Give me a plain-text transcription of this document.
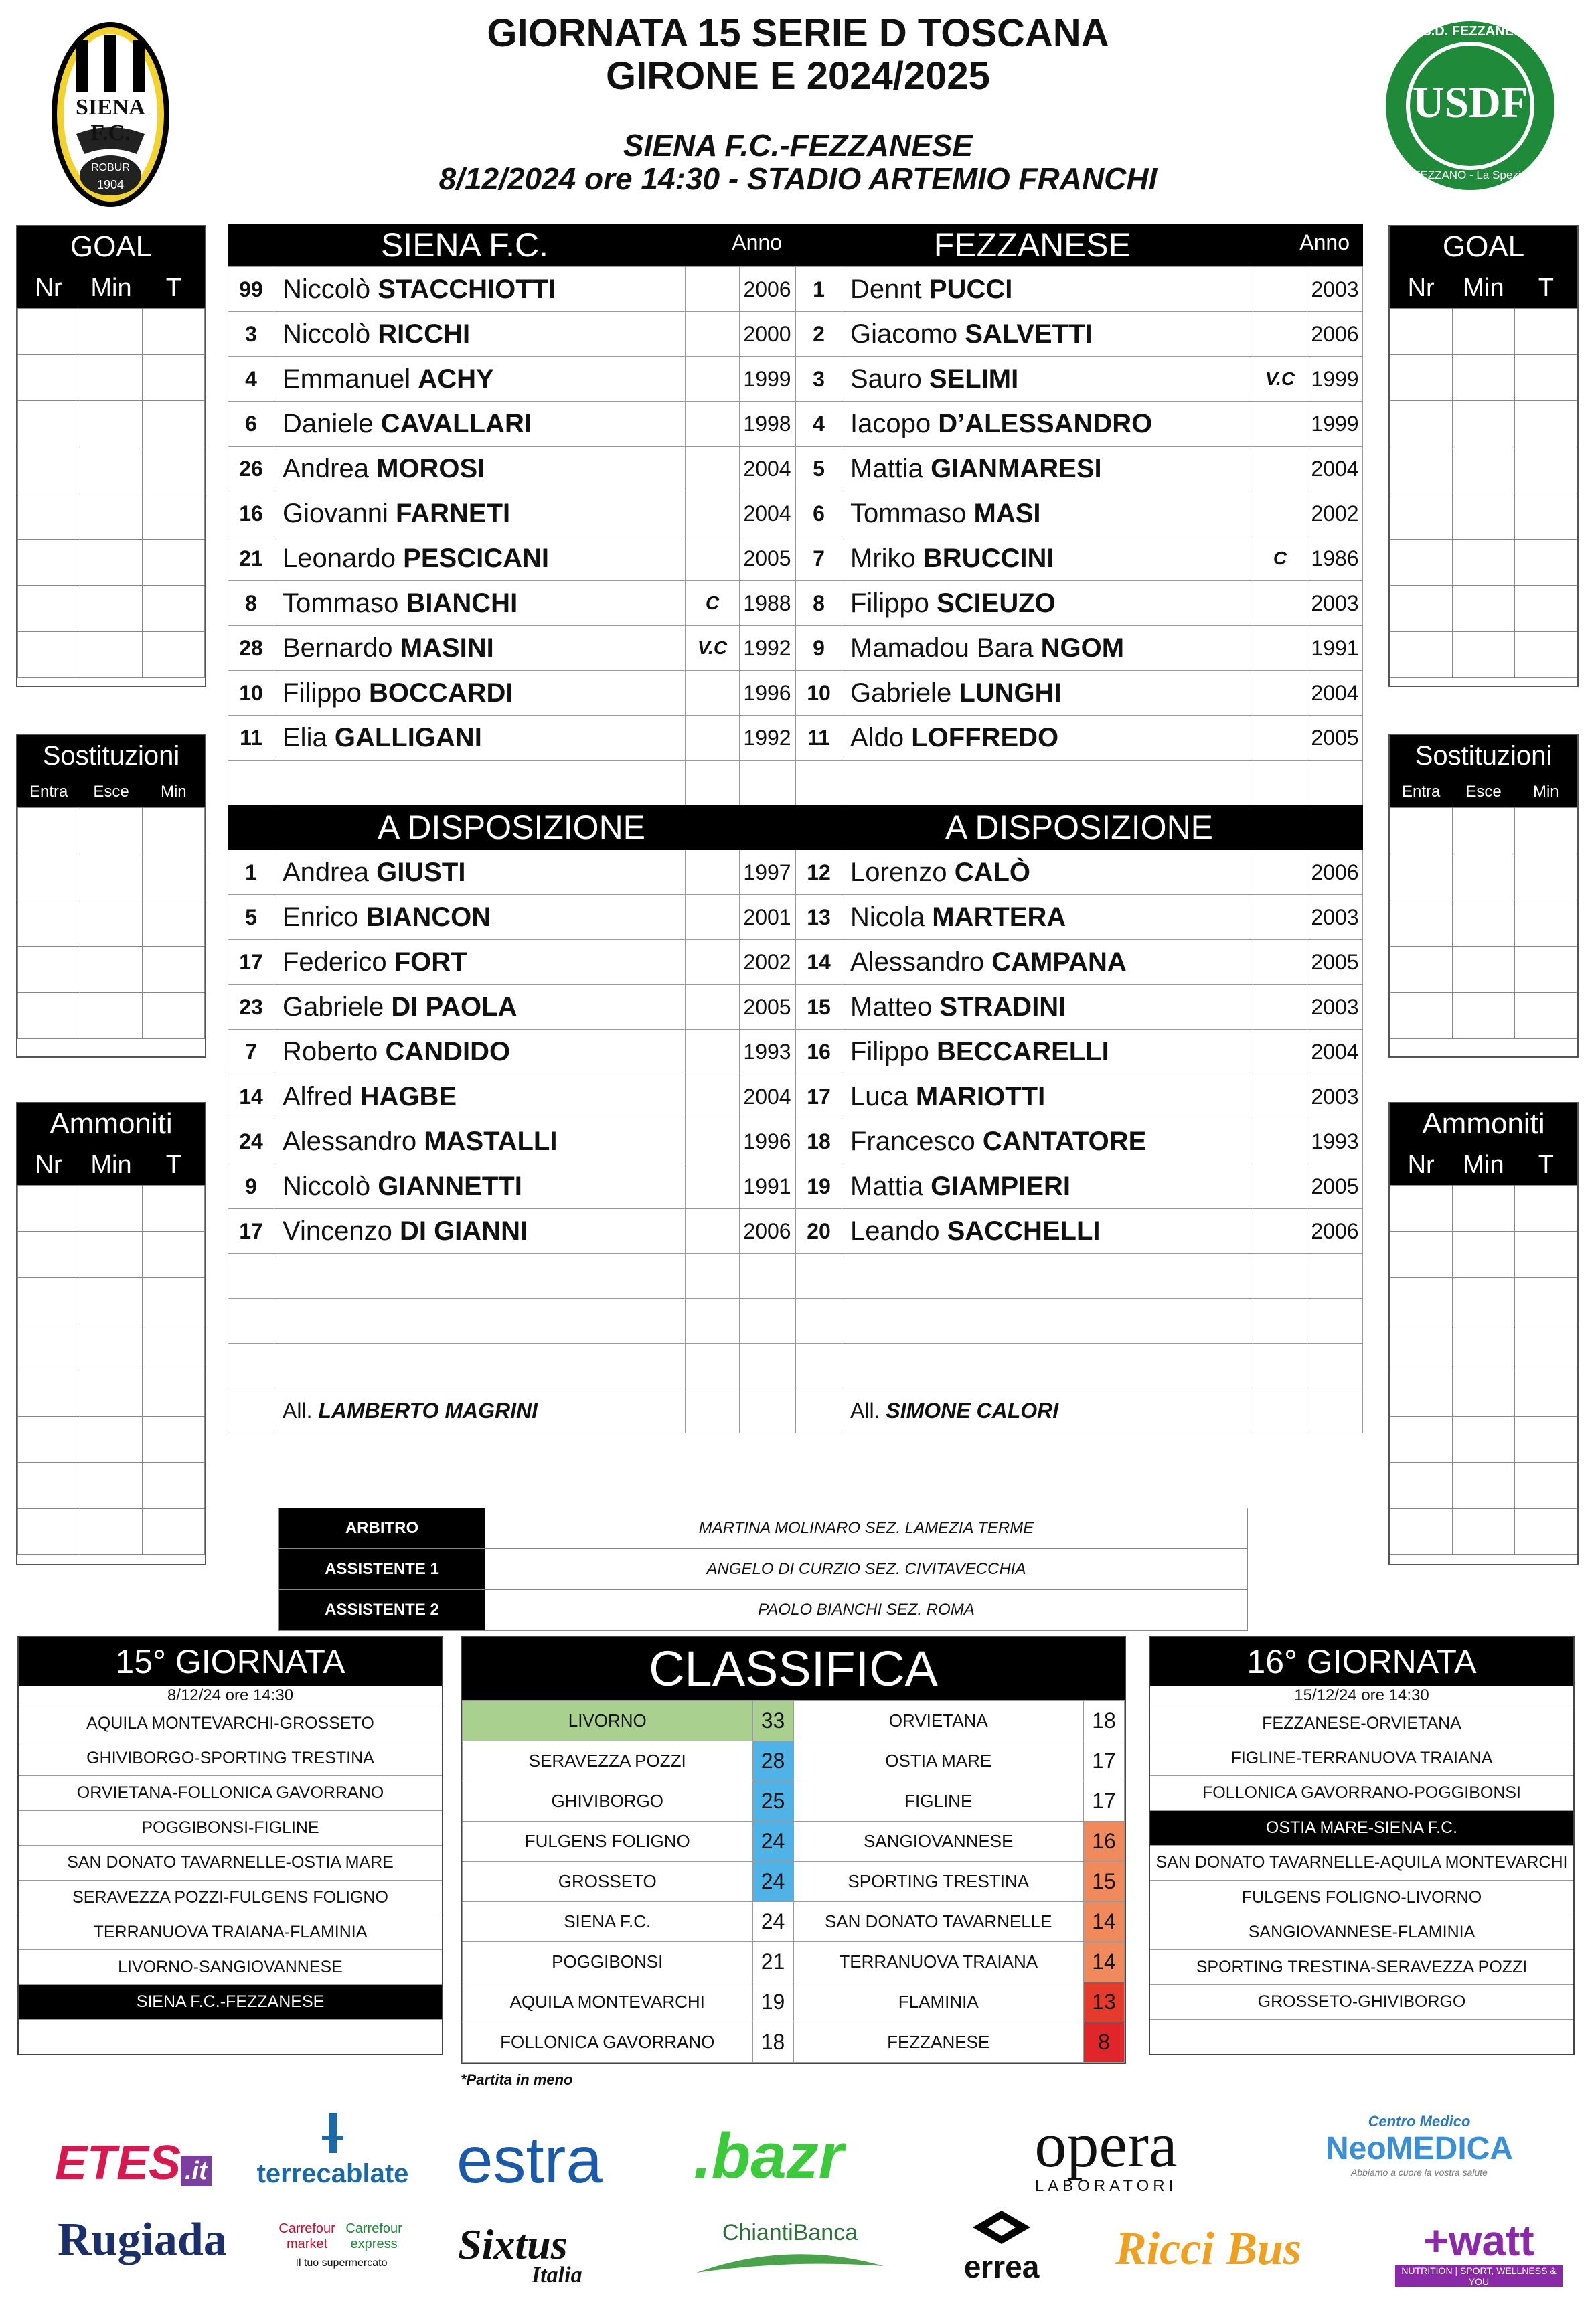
GIORNATA 15 SERIE D TOSCANA
GIRONE E 2024/2025
SIENA F.C.-FEZZANESE
8/12/2024 ore 14:30 - STADIO ARTEMIO FRANCHI
SIENA F.C.
ROBUR
1904
U.S.D. FEZZANESE
USDF
FEZZANO - La Spezia
GOAL
Nr	Min	T

Sostituzioni
Entra	Esce	Min

Ammoniti
Nr	Min	T

GOAL
Nr	Min	T

Sostituzioni
Entra	Esce	Min

Ammoniti
Nr	Min	T

SIENA F.C.	Anno
99	Niccolò STACCHIOTTI		2006
3	Niccolò RICCHI		2000
4	Emmanuel ACHY		1999
6	Daniele CAVALLARI		1998
26	Andrea MOROSI		2004
16	Giovanni FARNETI		2004
21	Leonardo PESCICANI		2005
8	Tommaso BIANCHI	C	1988
28	Bernardo MASINI	V.C	1992
10	Filippo BOCCARDI		1996
11	Elia GALLIGANI		1992

A DISPOSIZIONE
1	Andrea GIUSTI		1997
5	Enrico BIANCON		2001
17	Federico FORT		2002
23	Gabriele DI PAOLA		2005
7	Roberto CANDIDO		1993
14	Alfred HAGBE		2004
24	Alessandro MASTALLI		1996
9	Niccolò GIANNETTI		1991
17	Vincenzo DI GIANNI		2006

	All. LAMBERTO MAGRINI		
FEZZANESE	Anno
1	Dennt PUCCI		2003
2	Giacomo SALVETTI		2006
3	Sauro SELIMI	V.C	1999
4	Iacopo D’ALESSANDRO		1999
5	Mattia GIANMARESI		2004
6	Tommaso MASI		2002
7	Mriko BRUCCINI	C	1986
8	Filippo SCIEUZO		2003
9	Mamadou Bara NGOM		1991
10	Gabriele LUNGHI		2004
11	Aldo LOFFREDO		2005

A DISPOSIZIONE
12	Lorenzo CALÒ		2006
13	Nicola MARTERA		2003
14	Alessandro CAMPANA		2005
15	Matteo STRADINI		2003
16	Filippo BECCARELLI		2004
17	Luca MARIOTTI		2003
18	Francesco CANTATORE		1993
19	Mattia GIAMPIERI		2005
20	Leando SACCHELLI		2006

	All. SIMONE CALORI		
ARBITRO	MARTINA MOLINARO SEZ. LAMEZIA TERME
ASSISTENTE 1	ANGELO DI CURZIO SEZ. CIVITAVECCHIA
ASSISTENTE 2	PAOLO BIANCHI SEZ. ROMA
15° GIORNATA
8/12/24 ore 14:30
AQUILA MONTEVARCHI-GROSSETO
GHIVIBORGO-SPORTING TRESTINA
ORVIETANA-FOLLONICA GAVORRANO
POGGIBONSI-FIGLINE
SAN DONATO TAVARNELLE-OSTIA MARE
SERAVEZZA POZZI-FULGENS FOLIGNO
TERRANUOVA TRAIANA-FLAMINIA
LIVORNO-SANGIOVANNESE
SIENA F.C.-FEZZANESE
CLASSIFICA
LIVORNO	33	ORVIETANA	18
SERAVEZZA POZZI	28	OSTIA MARE	17
GHIVIBORGO	25	FIGLINE	17
FULGENS FOLIGNO	24	SANGIOVANNESE	16
GROSSETO	24	SPORTING TRESTINA	15
SIENA F.C.	24	SAN DONATO TAVARNELLE	14
POGGIBONSI	21	TERRANUOVA TRAIANA	14
AQUILA MONTEVARCHI	19	FLAMINIA	13
FOLLONICA GAVORRANO	18	FEZZANESE	8
*Partita in meno
16° GIORNATA
15/12/24 ore 14:30
FEZZANESE-ORVIETANA
FIGLINE-TERRANUOVA TRAIANA
FOLLONICA GAVORRANO-POGGIBONSI
OSTIA MARE-SIENA F.C.
SAN DONATO TAVARNELLE-AQUILA MONTEVARCHI
FULGENS FOLIGNO-LIVORNO
SANGIOVANNESE-FLAMINIA
SPORTING TRESTINA-SERAVEZZA POZZI
GROSSETO-GHIVIBORGO
ETES .it terrecablate estra .bazr	opera
LABORATORI
Centro Medico
NeoMEDICA
Abbiamo a cuore la vostra salute
Rugiada	Carrefour market
Carrefour express
Il tuo supermercato	Sixtus
Italia
ChiantiBanca
errea Ricci Bus	+watt
NUTRITION | SPORT, WELLNESS & YOU
